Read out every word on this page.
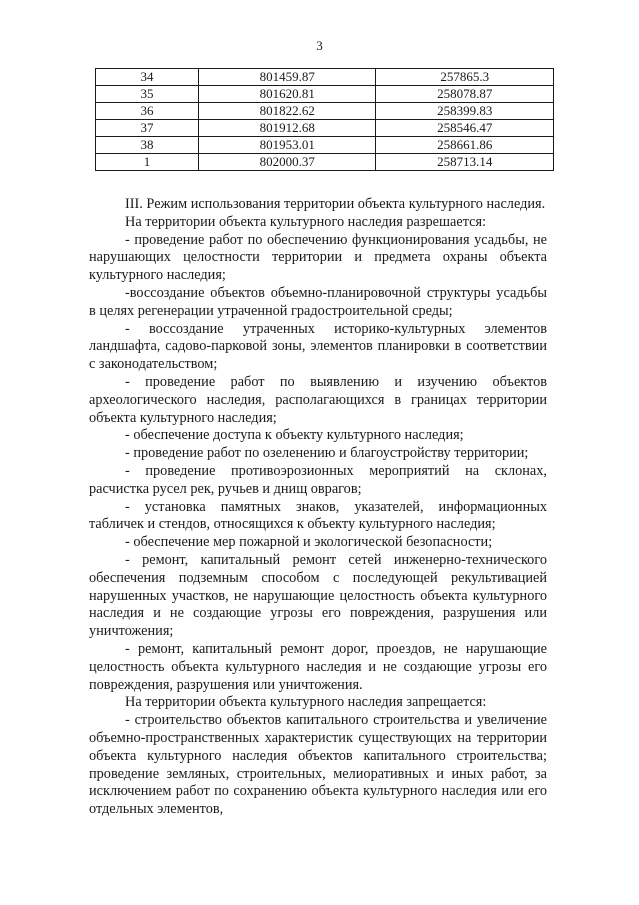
3
34	801459.87	257865.3
35	801620.81	258078.87
36	801822.62	258399.83
37	801912.68	258546.47
38	801953.01	258661.86
1	802000.37	258713.14

III. Режим использования территории объекта культурного наследия.

На территории объекта культурного наследия разрешается:

- проведение работ по обеспечению функционирования усадьбы, не нарушающих целостности территории и предмета охраны объекта культурного наследия;

-воссоздание объектов объемно-планировочной структуры усадьбы в целях регенерации утраченной градостроительной среды;

- воссоздание утраченных историко-культурных элементов ландшафта, садово-парковой зоны, элементов планировки в соответствии с законодательством;

- проведение работ по выявлению и изучению объектов археологического наследия, располагающихся в границах территории объекта культурного наследия;

- обеспечение доступа к объекту культурного наследия;

- проведение работ по озеленению и благоустройству территории;

- проведение противоэрозионных мероприятий на склонах, расчистка русел рек, ручьев и днищ оврагов;

- установка памятных знаков, указателей, информационных табличек и стендов, относящихся к объекту культурного наследия;

- обеспечение мер пожарной и экологической безопасности;

- ремонт, капитальный ремонт сетей инженерно-технического обеспечения подземным способом с последующей рекультивацией нарушенных участков, не нарушающие целостность объекта культурного наследия и не создающие угрозы его повреждения, разрушения или уничтожения;

- ремонт, капитальный ремонт дорог, проездов, не нарушающие целостность объекта культурного наследия и не создающие угрозы его повреждения, разрушения или уничтожения.

На территории объекта культурного наследия запрещается:

- строительство объектов капитального строительства и увеличение объемно-пространственных характеристик существующих на территории объекта культурного наследия объектов капитального строительства; проведение земляных, строительных, мелиоративных и иных работ, за исключением работ по сохранению объекта культурного наследия или его отдельных элементов,
